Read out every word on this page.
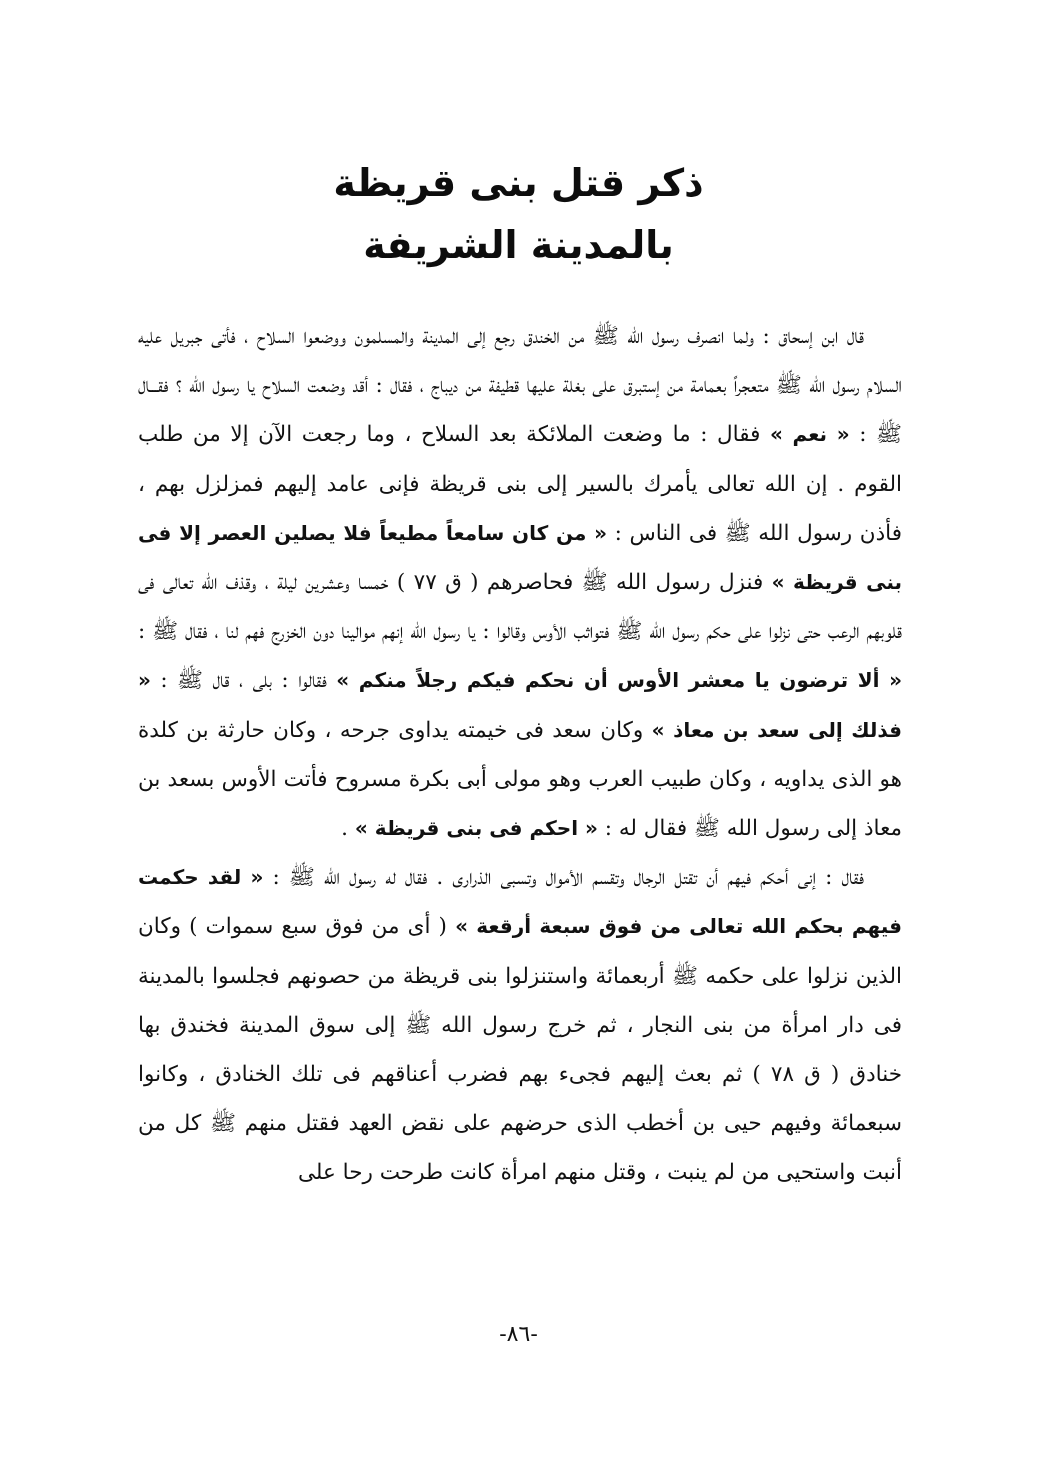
ذكر قتل بنى قريظة
بالمدينة الشريفة

قال ابن إسحاق : ولما انصرف رسول الله ﷺ من الخندق رجع إلى المدينة والمسلمون ووضعوا السلاح ، فأتى جبريل عليه السلام رسول الله ﷺ متعجراً بعمامة من إستبرق على بغلة عليها قطيفة من ديباج ، فقال : أقد وضعت السلاح يا رسول الله ؟ فقـــال ﷺ : « نعم » فقال : ما وضعت الملائكة بعد السلاح ، وما رجعت الآن إلا من طلب القوم . إن الله تعالى يأمرك بالسير إلى بنى قريظة فإنى عامد إليهم فمزلزل بهم ، فأذن رسول الله ﷺ فى الناس : « من كان سامعاً مطيعاً فلا يصلين العصر إلا فى بنى قريظة » فنزل رسول الله ﷺ فحاصرهم ( ق ٧٧ ) خمسا وعشرين ليلة ، وقذف الله تعالى فى قلوبهم الرعب حتى نزلوا على حكم رسول الله ﷺ فتواثب الأوس وقالوا : يا رسول الله إنهم موالينا دون الخزرج فهم لنا ، فقال ﷺ : « ألا ترضون يا معشر الأوس أن نحكم فيكم رجلاً منكم » فقالوا : بلى ، قال ﷺ : « فذلك إلى سعد بن معاذ » وكان سعد فى خيمته يداوى جرحه ، وكان حارثة بن كلدة هو الذى يداويه ، وكان طبيب العرب وهو مولى أبى بكرة مسروح فأتت الأوس بسعد بن معاذ إلى رسول الله ﷺ فقال له : « احكم فى بنى قريظة » .

فقال : إنى أحكم فيهم أن تقتل الرجال وتقسم الأموال وتسبى الذرارى . فقال له رسول الله ﷺ : « لقد حكمت فيهم بحكم الله تعالى من فوق سبعة أرقعة » ( أى من فوق سبع سموات ) وكان الذين نزلوا على حكمه ﷺ أربعمائة واستنزلوا بنى قريظة من حصونهم فجلسوا بالمدينة فى دار امرأة من بنى النجار ، ثم خرج رسول الله ﷺ إلى سوق المدينة فخندق بها خنادق ( ق ٧٨ ) ثم بعث إليهم فجىء بهم فضرب أعناقهم فى تلك الخنادق ، وكانوا سبعمائة وفيهم حيى بن أخطب الذى حرضهم على نقض العهد فقتل منهم ﷺ كل من أنبت واستحيى من لم ينبت ، وقتل منهم امرأة كانت طرحت رحا على

-٨٦-
